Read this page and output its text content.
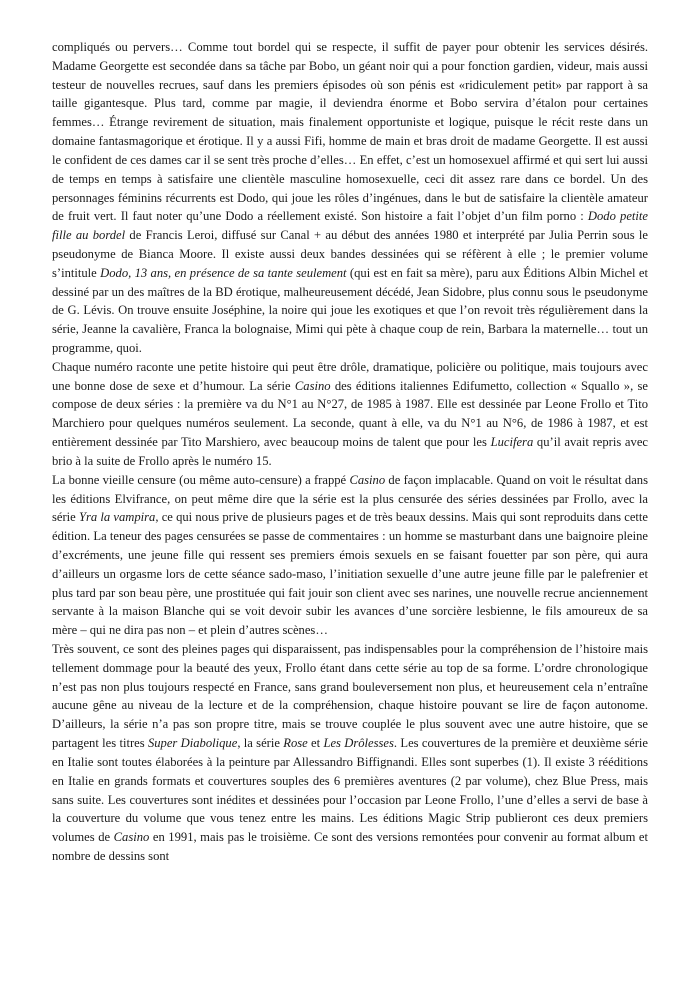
compliqués ou pervers… Comme tout bordel qui se respecte, il suffit de payer pour obtenir les services désirés. Madame Georgette est secondée dans sa tâche par Bobo, un géant noir qui a pour fonction gardien, videur, mais aussi testeur de nouvelles recrues, sauf dans les premiers épisodes où son pénis est «ridiculement petit» par rapport à sa taille gigantesque. Plus tard, comme par magie, il deviendra énorme et Bobo servira d’étalon pour certaines femmes… Étrange revirement de situation, mais finalement opportuniste et logique, puisque le récit reste dans un domaine fantasmagorique et érotique. Il y a aussi Fifi, homme de main et bras droit de madame Georgette. Il est aussi le confident de ces dames car il se sent très proche d’elles… En effet, c’est un homosexuel affirmé et qui sert lui aussi de temps en temps à satisfaire une clientèle masculine homosexuelle, ceci dit assez rare dans ce bordel. Un des personnages féminins récurrents est Dodo, qui joue les rôles d’ingénues, dans le but de satisfaire la clientèle amateur de fruit vert. Il faut noter qu’une Dodo a réellement existé. Son histoire a fait l’objet d’un film porno : Dodo petite fille au bordel de Francis Leroi, diffusé sur Canal + au début des années 1980 et interprété par Julia Perrin sous le pseudonyme de Bianca Moore. Il existe aussi deux bandes dessinées qui se réfèrent à elle ; le premier volume s’intitule Dodo, 13 ans, en présence de sa tante seulement (qui est en fait sa mère), paru aux Éditions Albin Michel et dessiné par un des maîtres de la BD érotique, malheureusement décédé, Jean Sidobre, plus connu sous le pseudonyme de G. Lévis. On trouve ensuite Joséphine, la noire qui joue les exotiques et que l’on revoit très régulièrement dans la série, Jeanne la cavalière, Franca la bolognaise, Mimi qui pète à chaque coup de rein, Barbara la maternelle… tout un programme, quoi.

Chaque numéro raconte une petite histoire qui peut être drôle, dramatique, policière ou politique, mais toujours avec une bonne dose de sexe et d’humour. La série Casino des éditions italiennes Edifumetto, collection « Squallo », se compose de deux séries : la première va du N°1 au N°27, de 1985 à 1987. Elle est dessinée par Leone Frollo et Tito Marchiero pour quelques numéros seulement. La seconde, quant à elle, va du N°1 au N°6, de 1986 à 1987, et est entièrement dessinée par Tito Marshiero, avec beaucoup moins de talent que pour les Lucifera qu’il avait repris avec brio à la suite de Frollo après le numéro 15.

La bonne vieille censure (ou même auto-censure) a frappé Casino de façon implacable. Quand on voit le résultat dans les éditions Elvifrance, on peut même dire que la série est la plus censurée des séries dessinées par Frollo, avec la série Yra la vampira, ce qui nous prive de plusieurs pages et de très beaux dessins. Mais qui sont reproduits dans cette édition. La teneur des pages censurées se passe de commentaires : un homme se masturbant dans une baignoire pleine d’excréments, une jeune fille qui ressent ses premiers émois sexuels en se faisant fouetter par son père, qui aura d’ailleurs un orgasme lors de cette séance sado-maso, l’initiation sexuelle d’une autre jeune fille par le palefrenier et plus tard par son beau père, une prostituée qui fait jouir son client avec ses narines, une nouvelle recrue anciennement servante à la maison Blanche qui se voit devoir subir les avances d’une sorcière lesbienne, le fils amoureux de sa mère – qui ne dira pas non – et plein d’autres scènes…

Très souvent, ce sont des pleines pages qui disparaissent, pas indispensables pour la compréhension de l’histoire mais tellement dommage pour la beauté des yeux, Frollo étant dans cette série au top de sa forme. L’ordre chronologique n’est pas non plus toujours respecté en France, sans grand bouleversement non plus, et heureusement cela n’entraîne aucune gêne au niveau de la lecture et de la compréhension, chaque histoire pouvant se lire de façon autonome. D’ailleurs, la série n’a pas son propre titre, mais se trouve couplée le plus souvent avec une autre histoire, que se partagent les titres Super Diabolique, la série Rose et Les Drôlesses. Les couvertures de la première et deuxième série en Italie sont toutes élaborées à la peinture par Allessandro Biffignandi. Elles sont superbes (1). Il existe 3 rééditions en Italie en grands formats et couvertures souples des 6 premières aventures (2 par volume), chez Blue Press, mais sans suite. Les couvertures sont inédites et dessinées pour l’occasion par Leone Frollo, l’une d’elles a servi de base à la couverture du volume que vous tenez entre les mains. Les éditions Magic Strip publieront ces deux premiers volumes de Casino en 1991, mais pas le troisième. Ce sont des versions remontées pour convenir au format album et nombre de dessins sont
